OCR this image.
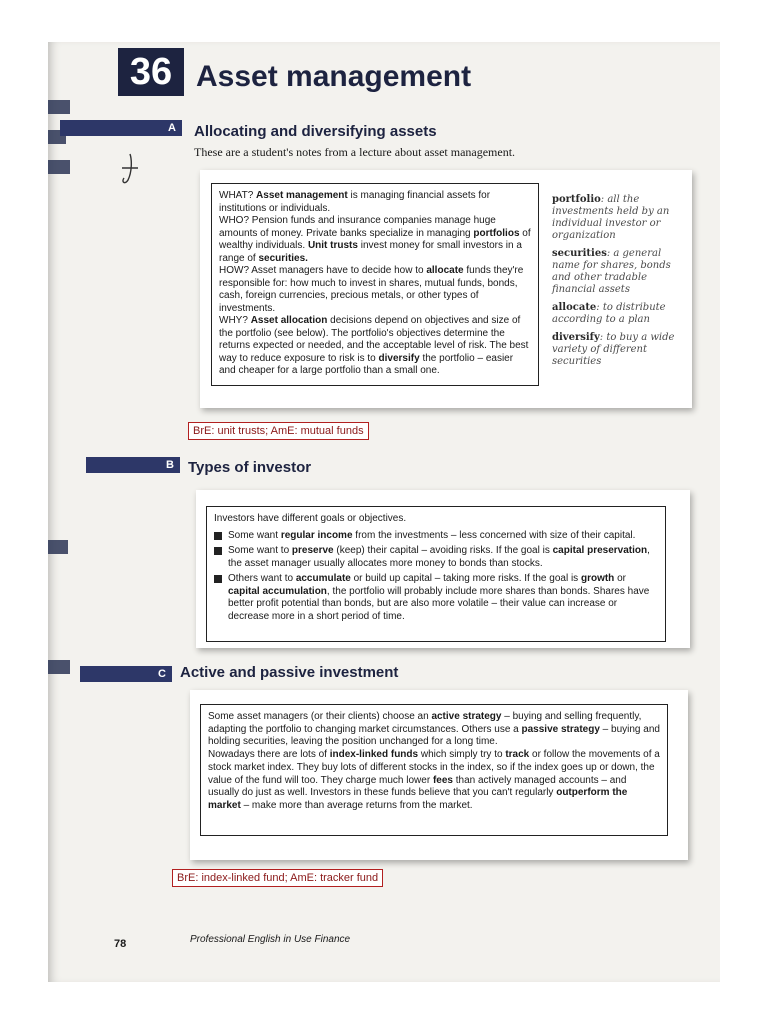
36 Asset management
A	Allocating and diversifying assets
These are a student's notes from a lecture about asset management.
WHAT? Asset management is managing financial assets for institutions or individuals.
WHO? Pension funds and insurance companies manage huge amounts of money. Private banks specialize in managing portfolios of wealthy individuals. Unit trusts invest money for small investors in a range of securities.
HOW? Asset managers have to decide how to allocate funds they're responsible for: how much to invest in shares, mutual funds, bonds, cash, foreign currencies, precious metals, or other types of investments.
WHY? Asset allocation decisions depend on objectives and size of the portfolio (see below). The portfolio's objectives determine the returns expected or needed, and the acceptable level of risk. The best way to reduce exposure to risk is to diversify the portfolio – easier and cheaper for a large portfolio than a small one.

portfolio: all the investments held by an individual investor or organization

securities: a general name for shares, bonds and other tradable financial assets

allocate: to distribute according to a plan

diversify: to buy a wide variety of different securities

BrE: unit trusts; AmE: mutual funds
B Types of investor
Investors have different goals or objectives.
Some want regular income from the investments – less concerned with size of their capital.
Some want to preserve (keep) their capital – avoiding risks. If the goal is capital preservation, the asset manager usually allocates more money to bonds than stocks.
Others want to accumulate or build up capital – taking more risks. If the goal is growth or capital accumulation, the portfolio will probably include more shares than bonds. Shares have better profit potential than bonds, but are also more volatile – their value can increase or decrease more in a short period of time.
C Active and passive investment
Some asset managers (or their clients) choose an active strategy – buying and selling frequently, adapting the portfolio to changing market circumstances. Others use a passive strategy – buying and holding securities, leaving the position unchanged for a long time.
Nowadays there are lots of index-linked funds which simply try to track or follow the movements of a stock market index. They buy lots of different stocks in the index, so if the index goes up or down, the value of the fund will too. They charge much lower fees than actively managed accounts – and usually do just as well. Investors in these funds believe that you can't regularly outperform the market – make more than average returns from the market.
BrE: index-linked fund; AmE: tracker fund
78	Professional English in Use Finance
